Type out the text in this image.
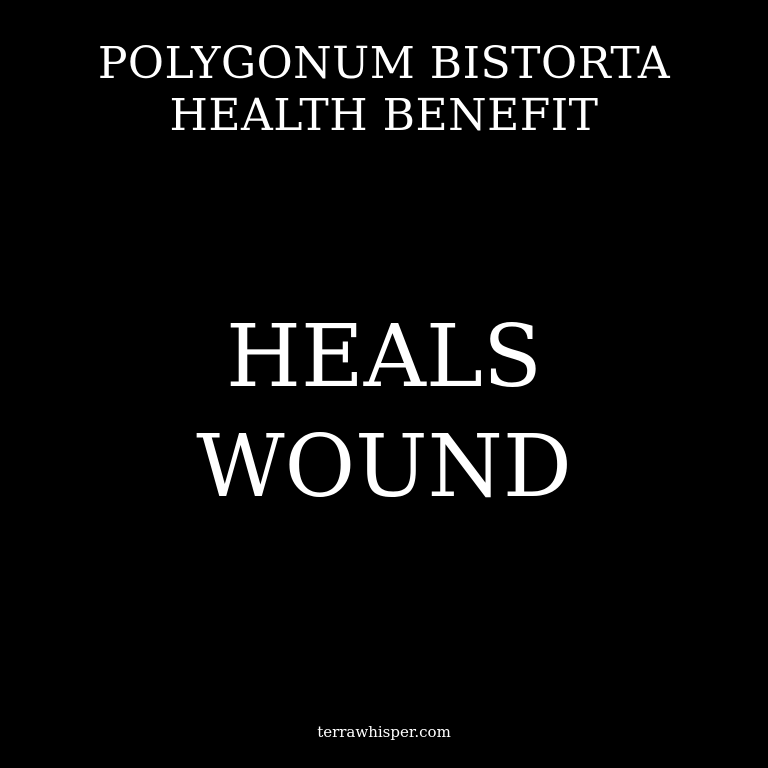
POLYGONUM BISTORTA
HEALTH BENEFIT
HEALS
WOUND
terrawhisper.com
